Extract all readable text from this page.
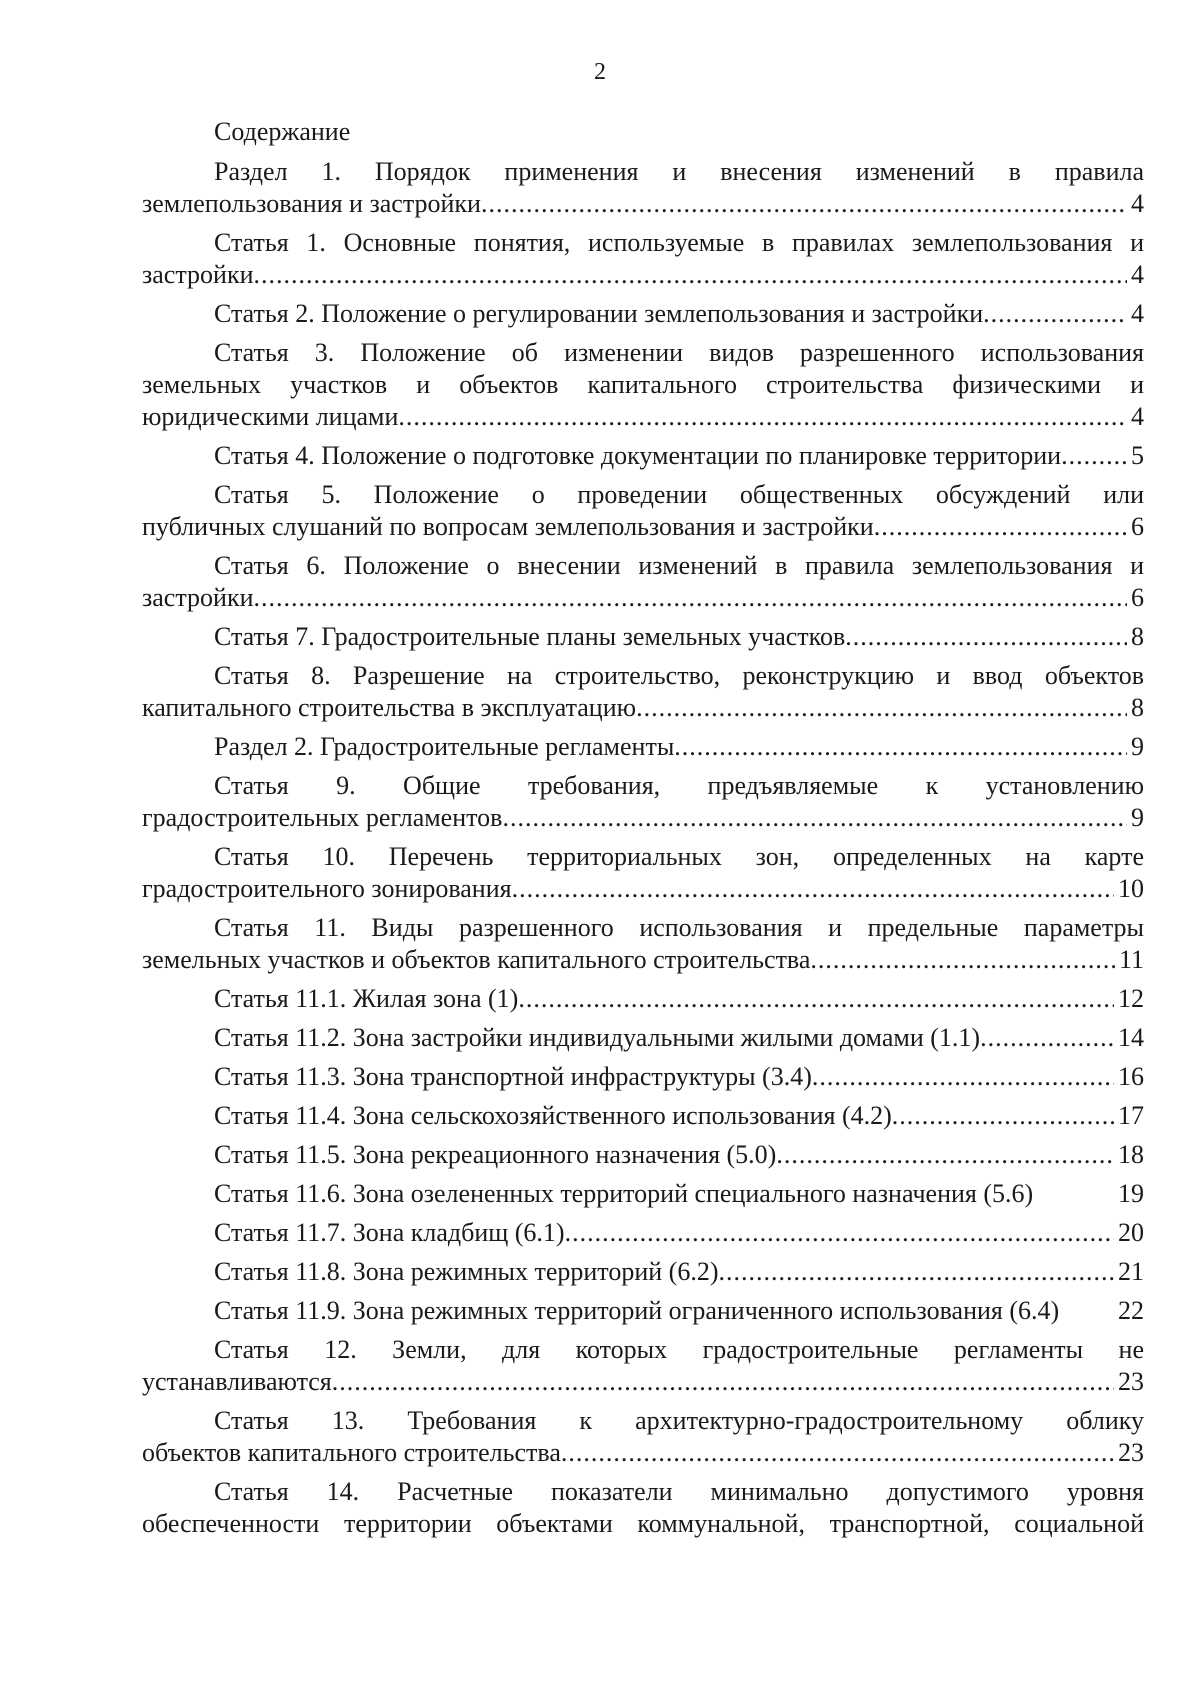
2
Содержание
Раздел 1. Порядок применения и внесения изменений в правила
землепользования и застройки .....	4
Статья 1. Основные понятия, используемые в правилах землепользования и
застройки .....	4
Статья 2. Положение о регулировании землепользования и застройки .....	4
Статья 3. Положение об изменении видов разрешенного использования
земельных участков и объектов капитального строительства физическими и
юридическими лицами .....	4
Статья 4. Положение о подготовке документации по планировке территории .....	5
Статья 5. Положение о проведении общественных обсуждений или
публичных слушаний по вопросам землепользования и застройки .....	6
Статья 6. Положение о внесении изменений в правила землепользования и
застройки .....	6
Статья 7. Градостроительные планы земельных участков .....	8
Статья 8. Разрешение на строительство, реконструкцию и ввод объектов
капитального строительства в эксплуатацию .....	8
Раздел 2. Градостроительные регламенты .....	9
Статья 9. Общие требования, предъявляемые к установлению
градостроительных регламентов .....	9
Статья 10. Перечень территориальных зон, определенных на карте
градостроительного зонирования .....	10
Статья 11. Виды разрешенного использования и предельные параметры
земельных участков и объектов капитального строительства .....	11
Статья 11.1. Жилая зона (1) .....	12
Статья 11.2. Зона застройки индивидуальными жилыми домами (1.1) .....	14
Статья 11.3. Зона транспортной инфраструктуры (3.4) .....	16
Статья 11.4. Зона сельскохозяйственного использования (4.2) .....	17
Статья 11.5. Зона рекреационного назначения (5.0) .....	18
Статья 11.6. Зона озелененных территорий специального назначения (5.6)	19
Статья 11.7. Зона кладбищ (6.1) .....	20
Статья 11.8. Зона режимных территорий (6.2) .....	21
Статья 11.9. Зона режимных территорий ограниченного использования (6.4) 22
Статья 12. Земли, для которых градостроительные регламенты не
устанавливаются .....	23
Статья 13. Требования к архитектурно-градостроительному облику
объектов капитального строительства .....	23
Статья 14. Расчетные показатели минимально допустимого уровня
обеспеченности территории объектами коммунальной, транспортной, социальной
